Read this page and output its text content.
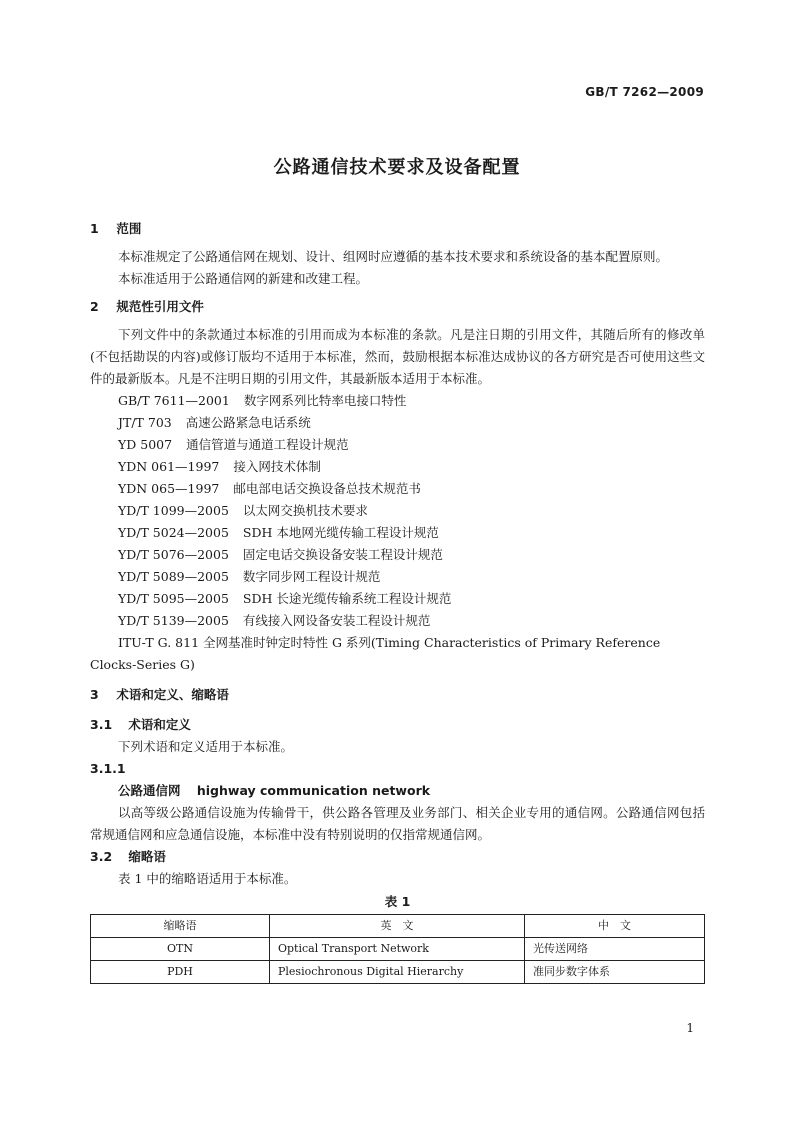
GB/T 7262—2009
公路通信技术要求及设备配置
1 范围

本标准规定了公路通信网在规划、设计、组网时应遵循的基本技术要求和系统设备的基本配置原则。

本标准适用于公路通信网的新建和改建工程。

2 规范性引用文件

下列文件中的条款通过本标准的引用而成为本标准的条款。凡是注日期的引用文件，其随后所有的修改单(不包括勘误的内容)或修订版均不适用于本标准，然而，鼓励根据本标准达成协议的各方研究是否可使用这些文件的最新版本。凡是不注明日期的引用文件，其最新版本适用于本标准。

GB/T 7611—2001 数字网系列比特率电接口特性
JT/T 703 高速公路紧急电话系统
YD 5007 通信管道与通道工程设计规范
YDN 061—1997 接入网技术体制
YDN 065—1997 邮电部电话交换设备总技术规范书
YD/T 1099—2005 以太网交换机技术要求
YD/T 5024—2005 SDH 本地网光缆传输工程设计规范
YD/T 5076—2005 固定电话交换设备安装工程设计规范
YD/T 5089—2005 数字同步网工程设计规范
YD/T 5095—2005 SDH 长途光缆传输系统工程设计规范
YD/T 5139—2005 有线接入网设备安装工程设计规范

ITU-T G. 811 全网基准时钟定时特性 G 系列(Timing Characteristics of Primary Reference
Clocks-Series G)

3 术语和定义、缩略语
3.1 术语和定义

下列术语和定义适用于本标准。

3.1.1
公路通信网 highway communication network

以高等级公路通信设施为传输骨干，供公路各管理及业务部门、相关企业专用的通信网。公路通信网包括常规通信网和应急通信设施，本标准中没有特别说明的仅指常规通信网。

3.2 缩略语

表 1 中的缩略语适用于本标准。

表 1
缩略语	英　文	中　文
OTN	Optical Transport Network	光传送网络
PDH	Plesiochronous Digital Hierarchy	准同步数字体系
1
